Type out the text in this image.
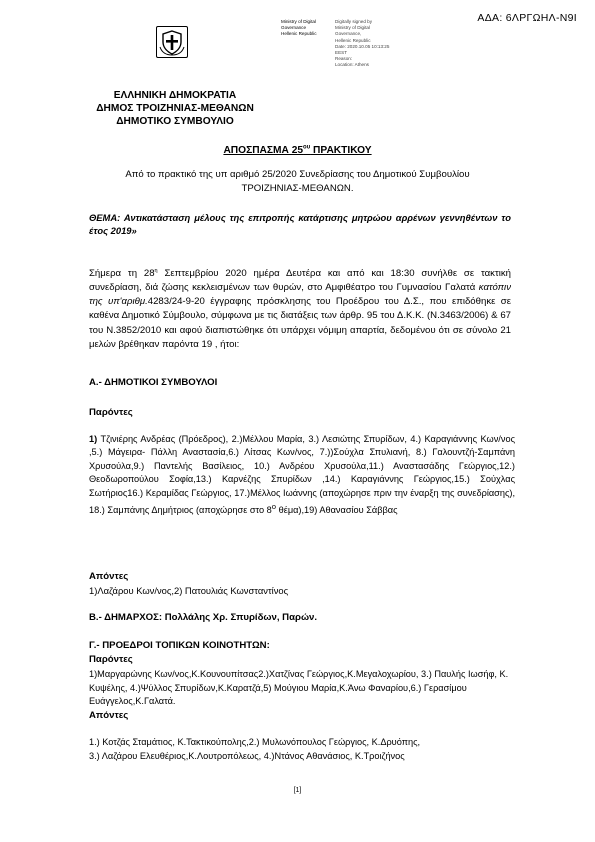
ΑΔΑ: 6ΛΡΓΩΗΛ-Ν9Ι
Ministry of Digital	Digitally signed by
Governance	Ministry of Digital
Hellenic Republic	Governance,
Hellenic Republic
Date: 2020.10.05 10:13:25
EEST
Reason:
Location: Athens
ΕΛΛΗΝΙΚΗ ΔΗΜΟΚΡΑΤΙΑ
ΔΗΜΟΣ ΤΡΟΙΖΗΝΙΑΣ-ΜΕΘΑΝΩΝ
ΔΗΜΟΤΙΚΟ ΣΥΜΒΟΥΛΙΟ
ΑΠΟΣΠΑΣΜΑ $25^{o\upsilon}$ ΠΡΑΚΤΙΚΟΥ
Από το πρακτικό της υπ αριθμό 25/2020 Συνεδρίασης του Δημοτικού Συμβουλίου
ΤΡΟΙΖΗΝΙΑΣ-ΜΕΘΑΝΩΝ.
ΘΕΜΑ: Αντικατάσταση μέλους της επιτροπής κατάρτισης μητρώου αρρένων γεννηθέντων το έτος 2019»
Σήμερα τη $28^\eta$ Σεπτεμβρίου 2020 ημέρα Δευτέρα και από και 18:30 συνήλθε σε τακτική συνεδρίαση, διά ζώσης κεκλεισμένων των θυρών, στο Αμφιθέατρο του Γυμνασίου Γαλατά κατόπιν της υπ'αριθμ.4283/24-9-20 έγγραφης πρόσκλησης του Προέδρου του Δ.Σ., που επιδόθηκε σε καθένα Δημοτικό Σύμβουλο, σύμφωνα με τις διατάξεις των άρθρ. 95 του Δ.Κ.Κ. (Ν.3463/2006) & 67 του Ν.3852/2010 και αφού διαπιστώθηκε ότι υπάρχει νόμιμη απαρτία, δεδομένου ότι σε σύνολο 21 μελών βρέθηκαν παρόντα 19 , ήτοι:
Α.- ΔΗΜΟΤΙΚΟΙ ΣΥΜΒΟΥΛΟΙ
Παρόντες
1) Τζινιέρης Ανδρέας (Πρόεδρος), 2.)Μέλλου Μαρία, 3.) Λεσιώτης Σπυρίδων, 4.) Καραγιάννης Κων/νος ,5.) Μάγειρα- Πάλλη Αναστασία,6.) Λίτσας Κων/νος, 7.))Σούχλα Σπυλιανή, 8.) Γαλουντζή-Σαμπάνη Χρυσούλα,9.) Παντελής Βασίλειος, 10.) Ανδρέου Χρυσούλα,11.) Αναστασάδης Γεώργιος,12.) Θεοδωροπούλου Σοφία,13.) Καρνέζης Σπυρίδων ,14.) Καραγιάννης Γεώργιος,15.) Σούχλας Σωτήριος16.) Κεραμίδας Γεώργιος, 17.)Μέλλος Ιωάννης (αποχώρησε πριν την έναρξη της συνεδρίασης), 18.) Σαμπάνης Δημήτριος (αποχώρησε στο $8^o$ θέμα),19) Αθανασίου Σάββας
Απόντες
1)Λαζάρου Κων/νος,2) Πατουλιάς Κωνσταντίνος
Β.- ΔΗΜΑΡΧΟΣ: Πολλάλης Χρ. Σπυρίδων, Παρών.
Γ.- ΠΡΟΕΔΡΟΙ ΤΟΠΙΚΩΝ ΚΟΙΝΟΤΗΤΩΝ:
Παρόντες
1)Μαργαρώνης Κων/νος,Κ.Κουνουπίτσας2.)Χατζίνας Γεώργιος,Κ.Μεγαλοχωρίου, 3.) Παυλής Ιωσήφ, Κ. Κυψέλης, 4.)Ψύλλος Σπυρίδων,Κ.Καρατζά,5) Μούγιου Μαρία,Κ.Άνω Φαναρίου,6.) Γερασίμου Ευάγγελος,Κ.Γαλατά.
Απόντες
1.) Κοτζάς Σταμάτιος, Κ.Τακτικούπολης,2.) Μυλωνόπουλος Γεώργιος, Κ.Δρυόπης,
3.) Λαζάρου Ελευθέριος,Κ.Λουτροπόλεως, 4.)Ντάνος Αθανάσιος, Κ.Τροιζήνος
[1]
